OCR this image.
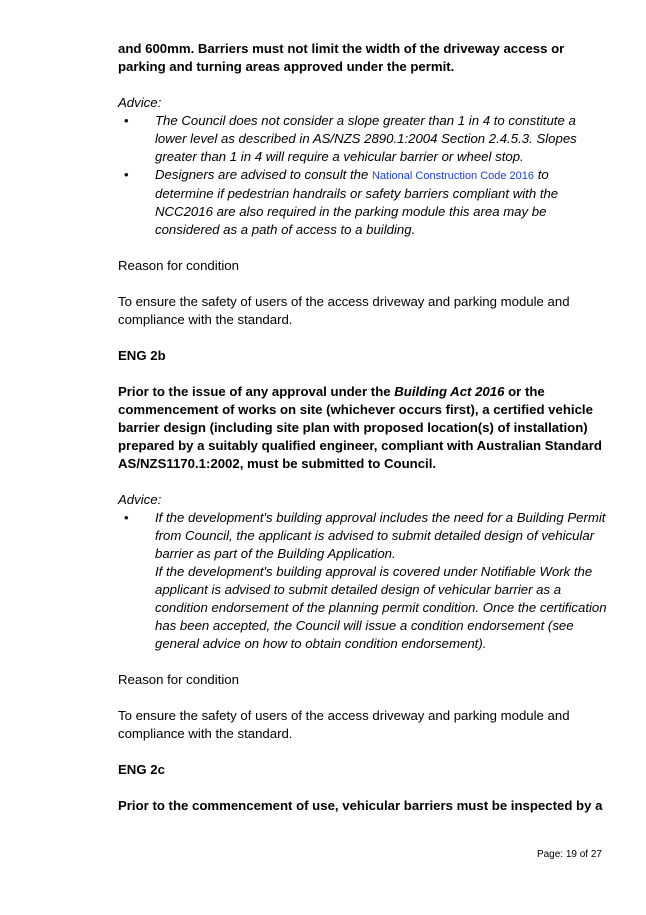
and 600mm. Barriers must not limit the width of the driveway access or parking and turning areas approved under the permit.

Advice:

• The Council does not consider a slope greater than 1 in 4 to constitute a lower level as described in AS/NZS 2890.1:2004 Section 2.4.5.3. Slopes greater than 1 in 4 will require a vehicular barrier or wheel stop.
• Designers are advised to consult the National Construction Code 2016 to determine if pedestrian handrails or safety barriers compliant with the NCC2016 are also required in the parking module this area may be considered as a path of access to a building.

Reason for condition

To ensure the safety of users of the access driveway and parking module and compliance with the standard.

ENG 2b

Prior to the issue of any approval under the Building Act 2016 or the commencement of works on site (whichever occurs first), a certified vehicle barrier design (including site plan with proposed location(s) of installation) prepared by a suitably qualified engineer, compliant with Australian Standard AS/NZS1170.1:2002, must be submitted to Council.

Advice:

• If the development's building approval includes the need for a Building Permit from Council, the applicant is advised to submit detailed design of vehicular barrier as part of the Building Application.
If the development's building approval is covered under Notifiable Work the applicant is advised to submit detailed design of vehicular barrier as a condition endorsement of the planning permit condition. Once the certification has been accepted, the Council will issue a condition endorsement (see general advice on how to obtain condition endorsement).

Reason for condition

To ensure the safety of users of the access driveway and parking module and compliance with the standard.

ENG 2c

Prior to the commencement of use, vehicular barriers must be inspected by a

Page: 19 of 27
